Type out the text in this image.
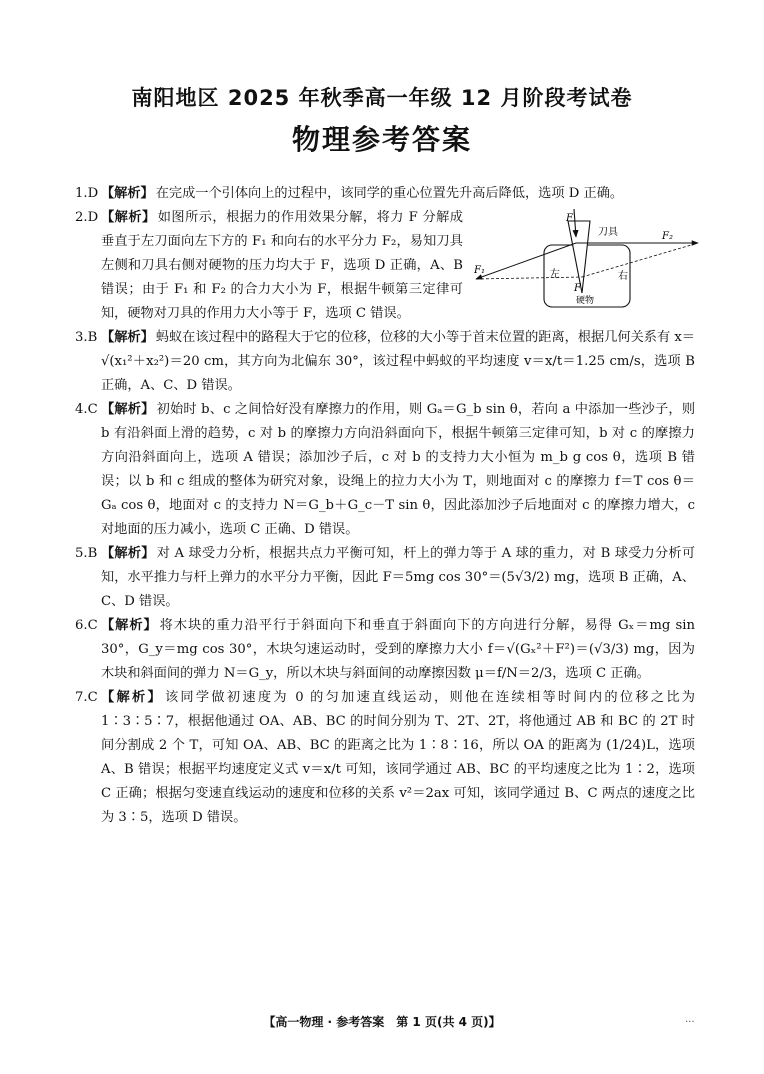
南阳地区 2025 年秋季高一年级 12 月阶段考试卷
物理参考答案

1.D 【解析】 在完成一个引体向上的过程中，该同学的重心位置先升高后降低，选项 D 正确。

2.D 【解析】 如图所示，根据力的作用效果分解，将力 F 分解成垂直于左刀面向左下方的 F₁ 和向右的水平分力 F₂，易知刀具左侧和刀具右侧对硬物的压力均大于 F，选项 D 正确，A、B 错误；由于 F₁ 和 F₂ 的合力大小为 F，根据牛顿第三定律可知，硬物对刀具的作用力大小等于 F，选项 C 错误。

3.B 【解析】 蚂蚁在该过程中的路程大于它的位移，位移的大小等于首末位置的距离，根据几何关系有 x＝√(x₁²＋x₂²)＝20 cm，其方向为北偏东 30°，该过程中蚂蚁的平均速度 v＝x/t＝1.25 cm/s，选项 B 正确，A、C、D 错误。

4.C 【解析】 初始时 b、c 之间恰好没有摩擦力的作用，则 Gₐ＝G_b sin θ，若向 a 中添加一些沙子，则 b 有沿斜面上滑的趋势，c 对 b 的摩擦力方向沿斜面向下，根据牛顿第三定律可知，b 对 c 的摩擦力方向沿斜面向上，选项 A 错误；添加沙子后，c 对 b 的支持力大小恒为 m_b g cos θ，选项 B 错误；以 b 和 c 组成的整体为研究对象，设绳上的拉力大小为 T，则地面对 c 的摩擦力 f＝T cos θ＝Gₐ cos θ，地面对 c 的支持力 N＝G_b＋G_c－T sin θ，因此添加沙子后地面对 c 的摩擦力增大，c 对地面的压力减小，选项 C 正确、D 错误。

5.B 【解析】 对 A 球受力分析，根据共点力平衡可知，杆上的弹力等于 A 球的重力，对 B 球受力分析可知，水平推力与杆上弹力的水平分力平衡，因此 F＝5mg cos 30°＝(5√3/2) mg，选项 B 正确，A、C、D 错误。

6.C 【解析】 将木块的重力沿平行于斜面向下和垂直于斜面向下的方向进行分解，易得 Gₓ＝mg sin 30°，G_y＝mg cos 30°，木块匀速运动时，受到的摩擦力大小 f＝√(Gₓ²＋F²)＝(√3/3) mg，因为木块和斜面间的弹力 N＝G_y，所以木块与斜面间的动摩擦因数 μ＝f/N＝2/3，选项 C 正确。

7.C 【解析】 该同学做初速度为 0 的匀加速直线运动，则他在连续相等时间内的位移之比为 1∶3∶5∶7，根据他通过 OA、AB、BC 的时间分别为 T、2T、2T，将他通过 AB 和 BC 的 2T 时间分割成 2 个 T，可知 OA、AB、BC 的距离之比为 1∶8∶16，所以 OA 的距离为 (1/24)L，选项 A、B 错误；根据平均速度定义式 v＝x/t 可知，该同学通过 AB、BC 的平均速度之比为 1∶2，选项 C 正确；根据匀变速直线运动的速度和位移的关系 v²＝2ax 可知，该同学通过 B、C 两点的速度之比为 3∶5，选项 D 错误。

F
刀具	F₂
F₁	左	右
F
硬物
【高一物理 · 参考答案　第 1 页(共 4 页)】	...
